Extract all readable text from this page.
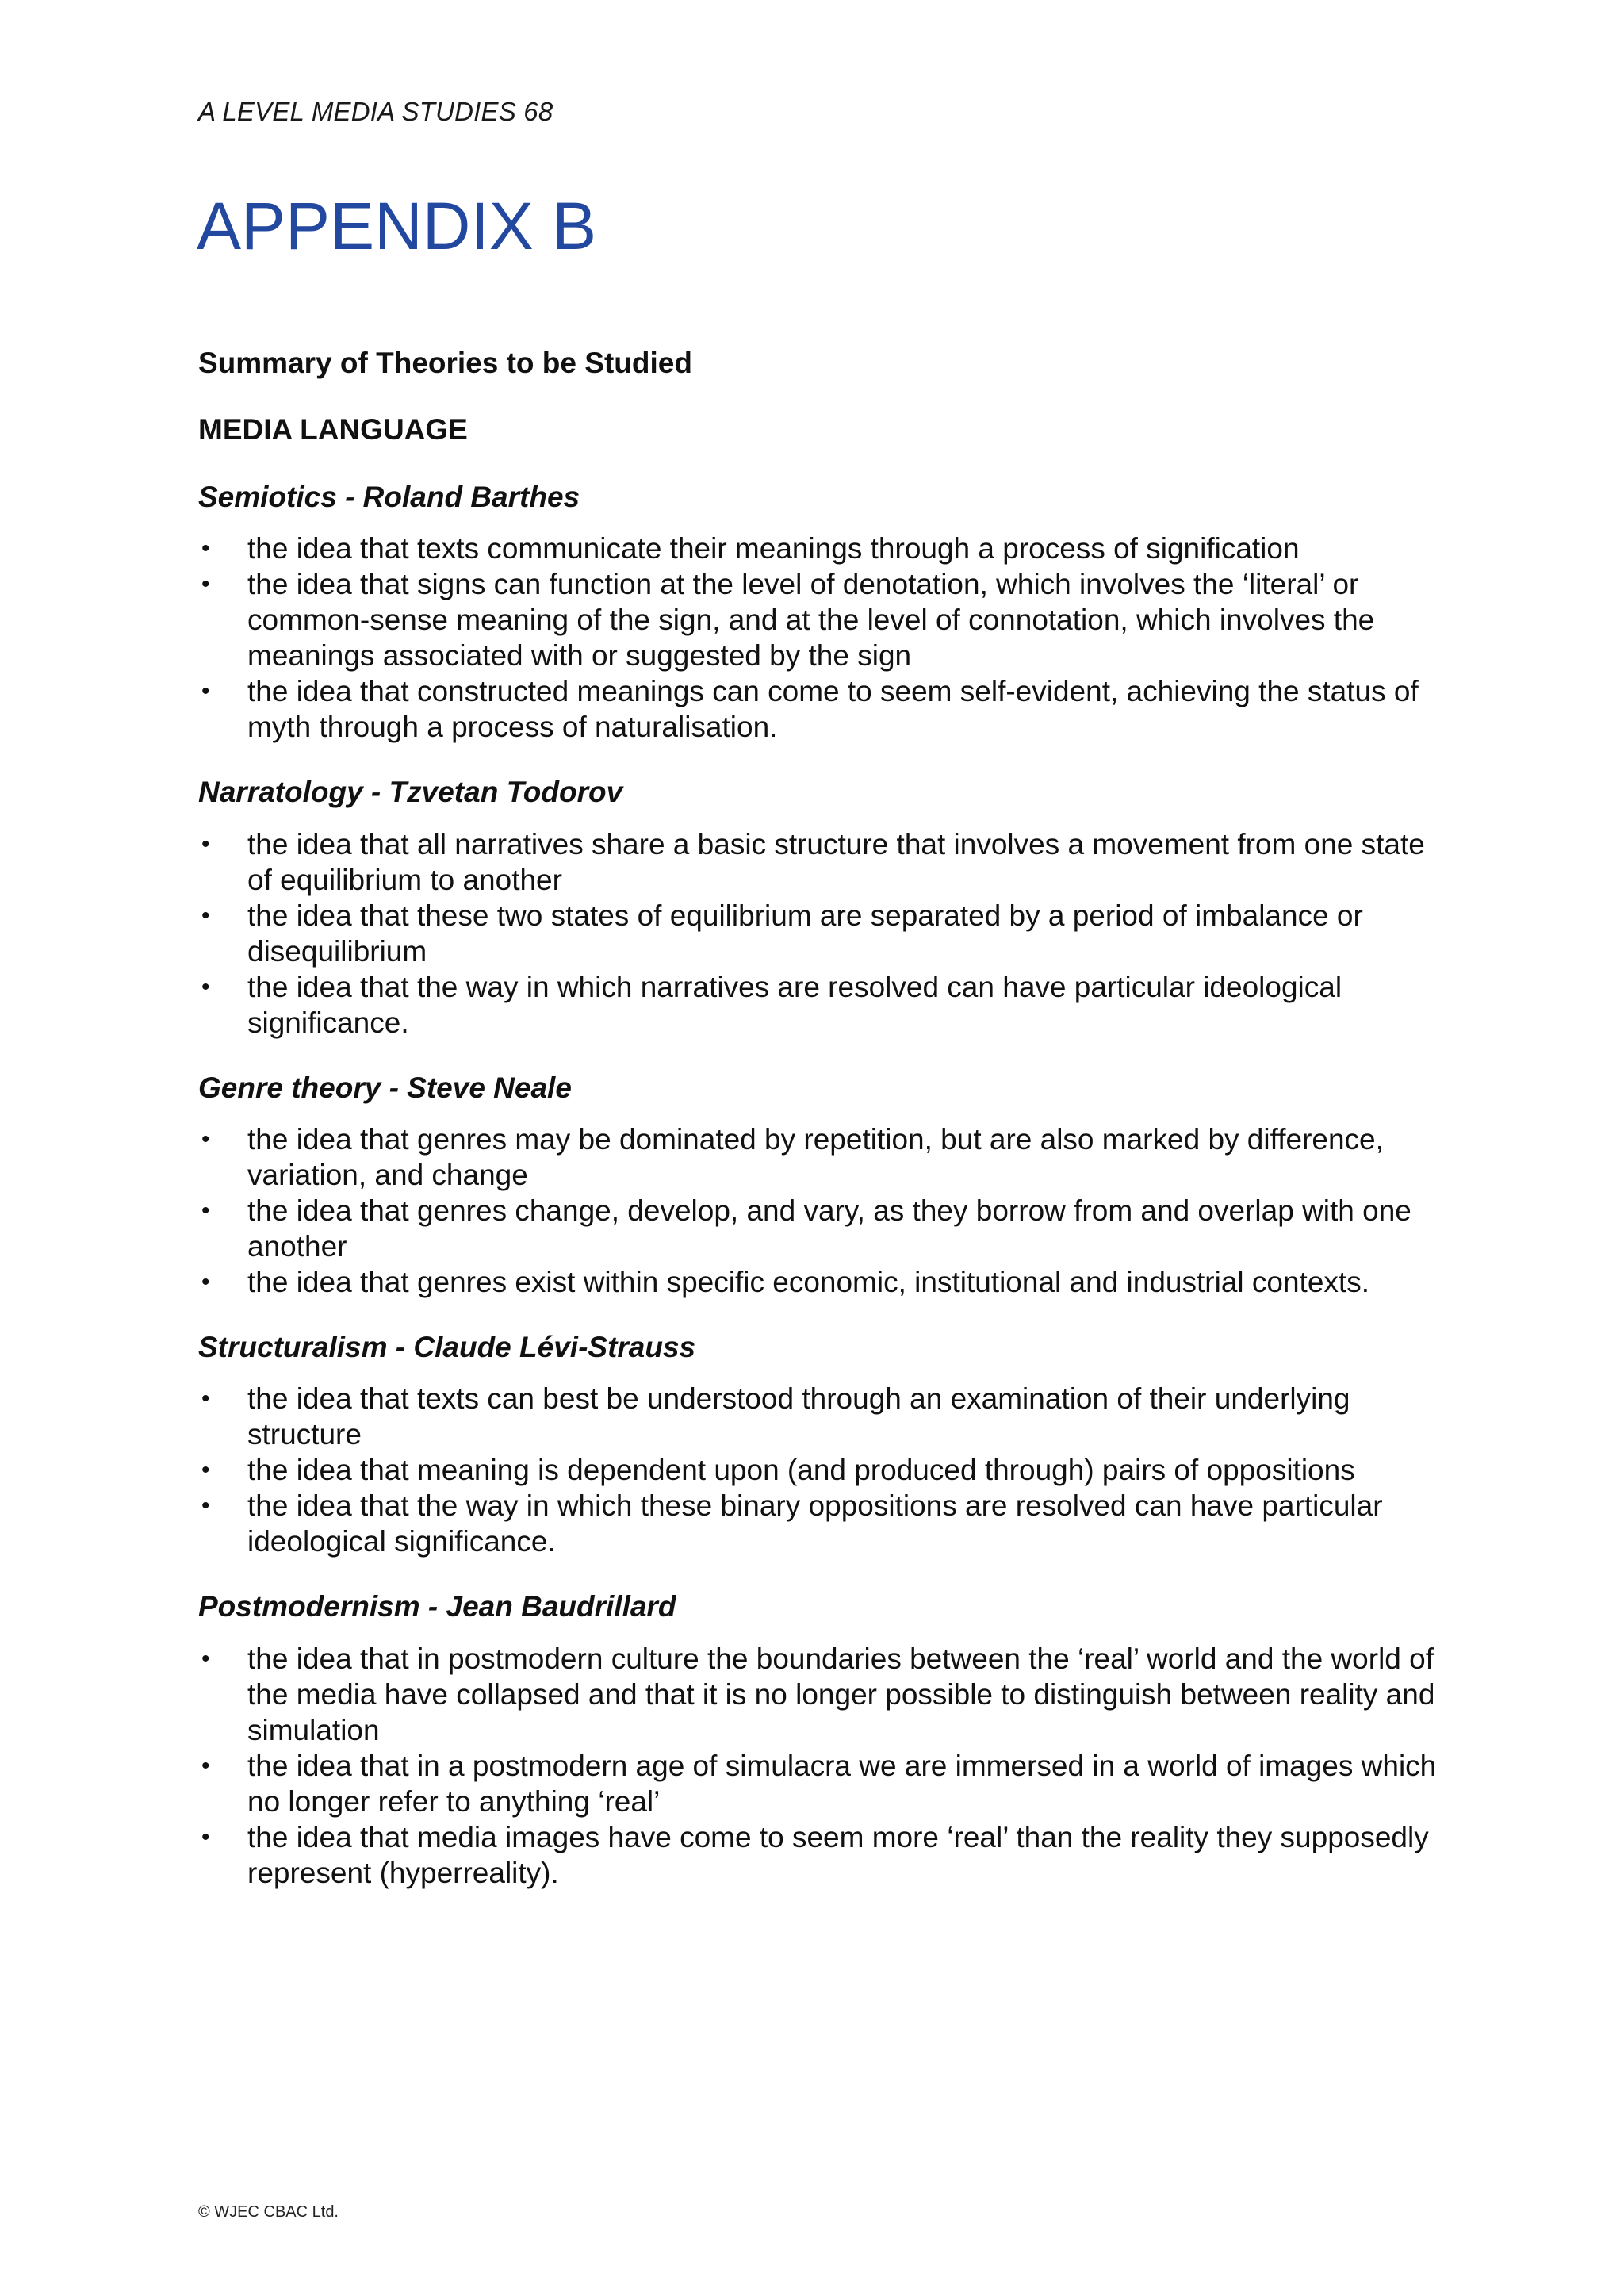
A LEVEL MEDIA STUDIES 68
APPENDIX B
Summary of Theories to be Studied
MEDIA LANGUAGE
Semiotics - Roland Barthes
• the idea that texts communicate their meanings through a process of signification
• the idea that signs can function at the level of denotation, which involves the ‘literal’ or common-sense meaning of the sign, and at the level of connotation, which involves the meanings associated with or suggested by the sign
• the idea that constructed meanings can come to seem self-evident, achieving the status of myth through a process of naturalisation.
Narratology - Tzvetan Todorov
• the idea that all narratives share a basic structure that involves a movement from one state of equilibrium to another
• the idea that these two states of equilibrium are separated by a period of imbalance or disequilibrium
• the idea that the way in which narratives are resolved can have particular ideological significance.
Genre theory - Steve Neale
• the idea that genres may be dominated by repetition, but are also marked by difference, variation, and change
• the idea that genres change, develop, and vary, as they borrow from and overlap with one another
• the idea that genres exist within specific economic, institutional and industrial contexts.
Structuralism - Claude Lévi-Strauss
• the idea that texts can best be understood through an examination of their underlying structure
• the idea that meaning is dependent upon (and produced through) pairs of oppositions
• the idea that the way in which these binary oppositions are resolved can have particular ideological significance.
Postmodernism - Jean Baudrillard
• the idea that in postmodern culture the boundaries between the ‘real’ world and the world of the media have collapsed and that it is no longer possible to distinguish between reality and simulation
• the idea that in a postmodern age of simulacra we are immersed in a world of images which no longer refer to anything ‘real’
• the idea that media images have come to seem more ‘real’ than the reality they supposedly represent (hyperreality).
© WJEC CBAC Ltd.
